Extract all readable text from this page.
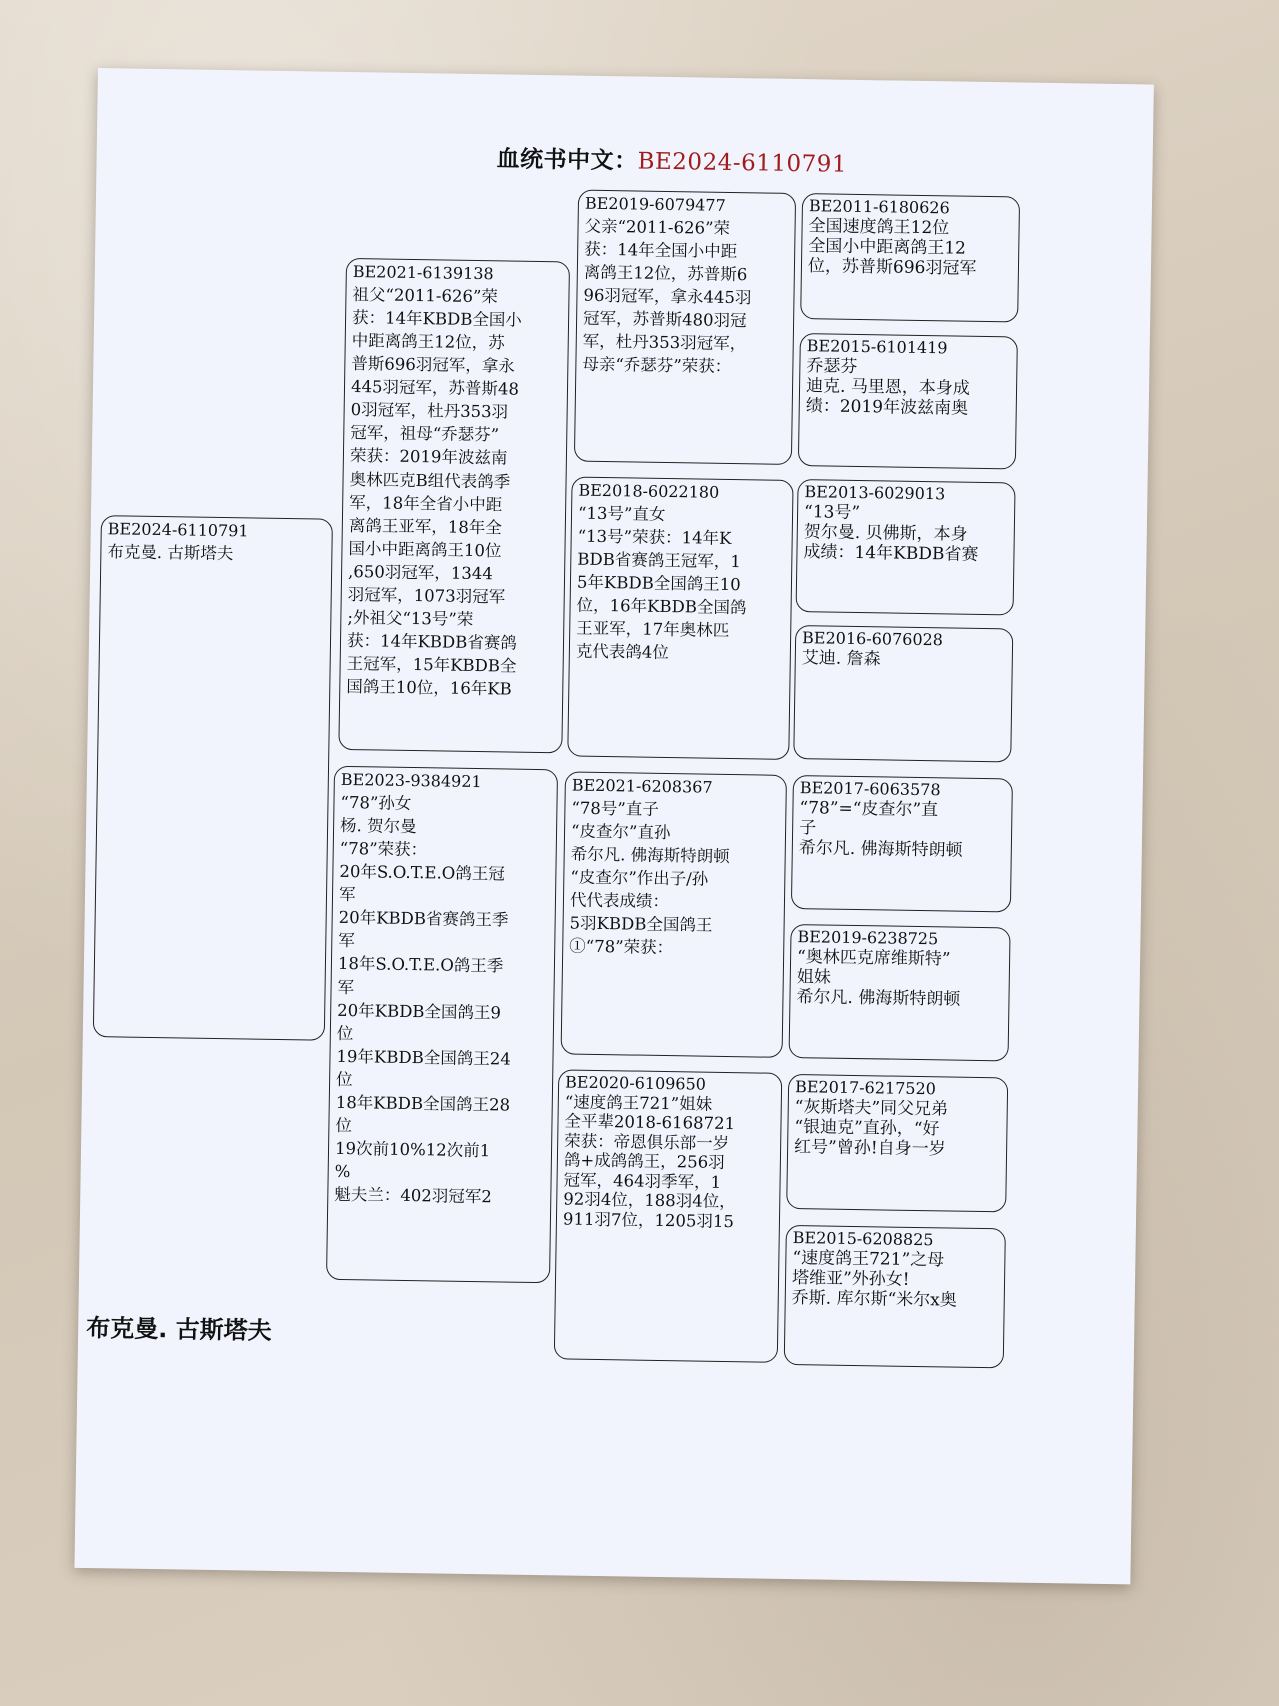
血统书中文：BE2024-6110791
BE2024-6110791
布克曼. 古斯塔夫
BE2021-6139138
祖父“2011-626”荣
获：14年KBDB全国小
中距离鸽王12位，苏
普斯696羽冠军，拿永
445羽冠军，苏普斯48
0羽冠军，杜丹353羽
冠军，祖母“乔瑟芬”
荣获：2019年波兹南
奥林匹克B组代表鸽季
军，18年全省小中距
离鸽王亚军，18年全
国小中距离鸽王10位
,650羽冠军，1344
羽冠军，1073羽冠军
;外祖父“13号”荣
获：14年KBDB省赛鸽
王冠军，15年KBDB全
国鸽王10位，16年KB
BE2023-9384921
“78”孙女
杨. 贺尔曼
“78”荣获：
20年S.O.T.E.O鸽王冠
军
20年KBDB省赛鸽王季
军
18年S.O.T.E.O鸽王季
军
20年KBDB全国鸽王9
位
19年KBDB全国鸽王24
位
18年KBDB全国鸽王28
位
19次前10%12次前1
%
魁夫兰：402羽冠军2
BE2019-6079477
父亲“2011-626”荣
获：14年全国小中距
离鸽王12位，苏普斯6
96羽冠军，拿永445羽
冠军，苏普斯480羽冠
军，杜丹353羽冠军，
母亲“乔瑟芬”荣获：
BE2018-6022180
“13号”直女
“13号”荣获：14年K
BDB省赛鸽王冠军，1
5年KBDB全国鸽王10
位，16年KBDB全国鸽
王亚军，17年奥林匹
克代表鸽4位
BE2021-6208367
“78号”直子
“皮查尔”直孙
希尔凡. 佛海斯特朗顿
“皮查尔”作出子/孙
代代表成绩：
5羽KBDB全国鸽王
①“78”荣获：
BE2020-6109650
“速度鸽王721”姐妹
全平辈2018-6168721
荣获：帝恩俱乐部一岁
鸽+成鸽鸽王，256羽
冠军，464羽季军，1
92羽4位，188羽4位，
911羽7位，1205羽15
BE2011-6180626
全国速度鸽王12位
全国小中距离鸽王12
位，苏普斯696羽冠军
BE2015-6101419
乔瑟芬
迪克. 马里恩，本身成
绩：2019年波兹南奥
BE2013-6029013
“13号”
贺尔曼. 贝佛斯，本身
成绩：14年KBDB省赛
BE2016-6076028
艾迪. 詹森
BE2017-6063578
“78”=“皮查尔”直
子
希尔凡. 佛海斯特朗顿
BE2019-6238725
“奥林匹克席维斯特”
姐妹
希尔凡. 佛海斯特朗顿
BE2017-6217520
“灰斯塔夫”同父兄弟
“银迪克”直孙，“好
红号”曾孙!自身一岁
BE2015-6208825
“速度鸽王721”之母
塔维亚”外孙女!
乔斯. 库尔斯“米尔x奥
布克曼. 古斯塔夫
